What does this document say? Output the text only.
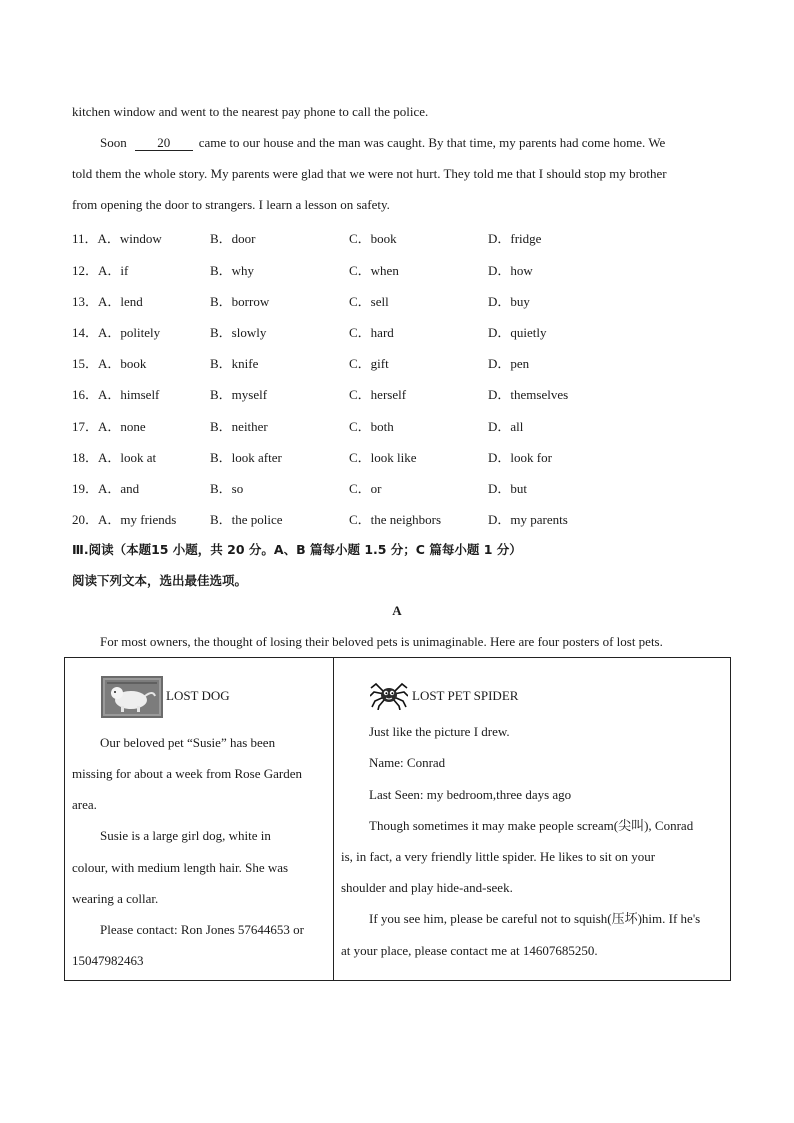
kitchen window and went to the nearest pay phone to call the police.
Soon 20 came to our house and the man was caught. By that time, my parents had come home. We
told them the whole story. My parents were glad that we were not hurt. They told me that I should stop my brother
from opening the door to strangers. I learn a lesson on safety.
11．A．window	B．door	C．book	D．fridge
12．A．if	B．why	C．when	D．how
13．A．lend	B．borrow	C．sell	D．buy
14．A．politely	B．slowly	C．hard	D．quietly
15．A．book	B．knife	C．gift	D．pen
16．A．himself	B．myself	C．herself	D．themselves
17．A．none	B．neither	C．both	D．all
18．A．look at	B．look after	C．look like	D．look for
19．A．and	B．so	C．or	D．but
20．A．my friends	B．the police	C．the neighbors	D．my parents
Ⅲ.阅读（本题15 小题，共 20 分。A、B 篇每小题 1.5 分；C 篇每小题 1 分）
阅读下列文本，选出最佳选项。
A
For most owners, the thought of losing their beloved pets is unimaginable. Here are four posters of lost pets.
LOST DOG
Our beloved pet “Susie” has been
missing for about a week from Rose Garden
area.
Susie is a large girl dog, white in
colour, with medium length hair. She was
wearing a collar.
Please contact: Ron Jones 57644653 or
15047982463

LOST PET SPIDER
Just like the picture I drew.
Name: Conrad
Last Seen: my bedroom,three days ago
Though sometimes it may make people scream(尖叫), Conrad
is, in fact, a very friendly little spider. He likes to sit on your
shoulder and play hide-and-seek.
If you see him, please be careful not to squish(压坏)him. If he's
at your place, please contact me at 14607685250.
